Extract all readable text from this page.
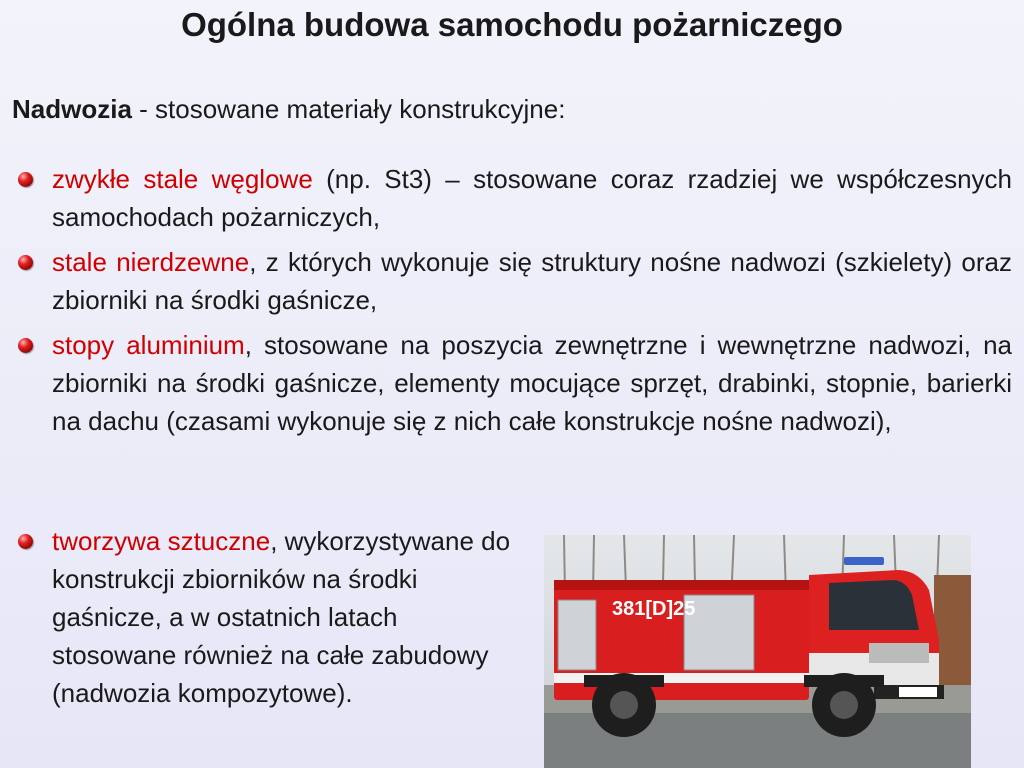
Ogólna budowa samochodu pożarniczego
Nadwozia - stosowane materiały konstrukcyjne:
zwykłe stale węglowe (np. St3) – stosowane coraz rzadziej we współczesnych samochodach pożarniczych,
stale nierdzewne, z których wykonuje się struktury nośne nadwozi (szkielety) oraz zbiorniki na środki gaśnicze,
stopy aluminium, stosowane na poszycia zewnętrzne i wewnętrzne nadwozi, na zbiorniki na środki gaśnicze, elementy mocujące sprzęt, drabinki, stopnie, barierki na dachu (czasami wykonuje się z nich całe konstrukcje nośne nadwozi),
tworzywa sztuczne, wykorzystywane do konstrukcji zbiorników na środki gaśnicze, a w ostatnich latach stosowane również na całe zabudowy (nadwozia kompozytowe).
381[D]25
